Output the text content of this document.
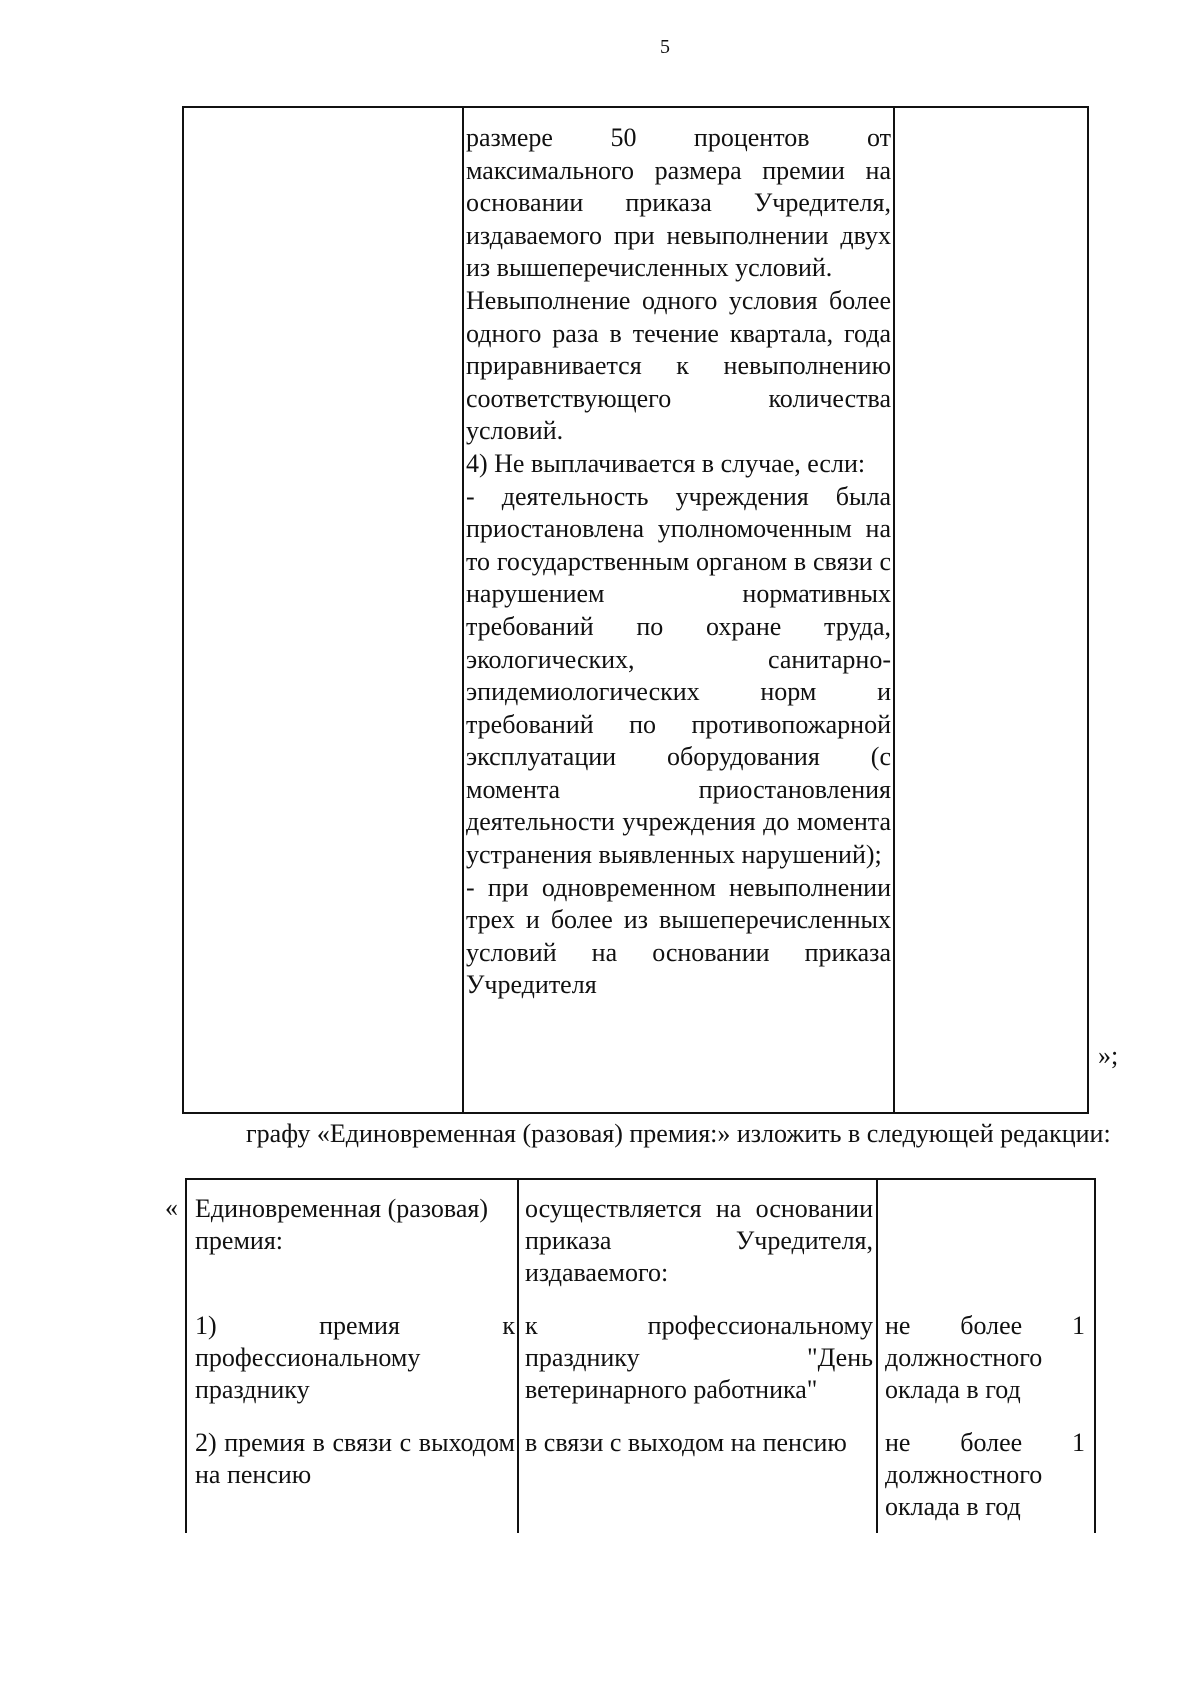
5

размере 50 процентов от максимального размера премии на основании приказа Учредителя, издаваемого при невыполнении двух из вышеперечисленных условий.

Невыполнение одного условия более одного раза в течение квартала, года приравнивается к невыполнению соответствующего количества условий.

4) Не выплачивается в случае, если:

- деятельность учреждения была приостановлена уполномоченным на то государственным органом в связи с нарушением нормативных требований по охране труда, экологических, санитарно-эпидемиологических норм и требований по противопожарной эксплуатации оборудования (с момента приостановления деятельности учреждения до момента устранения выявленных нарушений);

- при одновременном невыполнении трех и более из вышеперечисленных условий на основании приказа Учредителя

»;

графу «Единовременная (разовая) премия:» изложить в следующей редакции:

« Единовременная (разовая) премия:
осуществляется на основании приказа Учредителя, издаваемого:
1) премия к профессиональному празднику
к профессиональному празднику "День ветеринарного работника"
не более 1 должностного оклада в год
2) премия в связи с выходом на пенсию
в связи с выходом на пенсию	не более 1 должностного оклада в год
